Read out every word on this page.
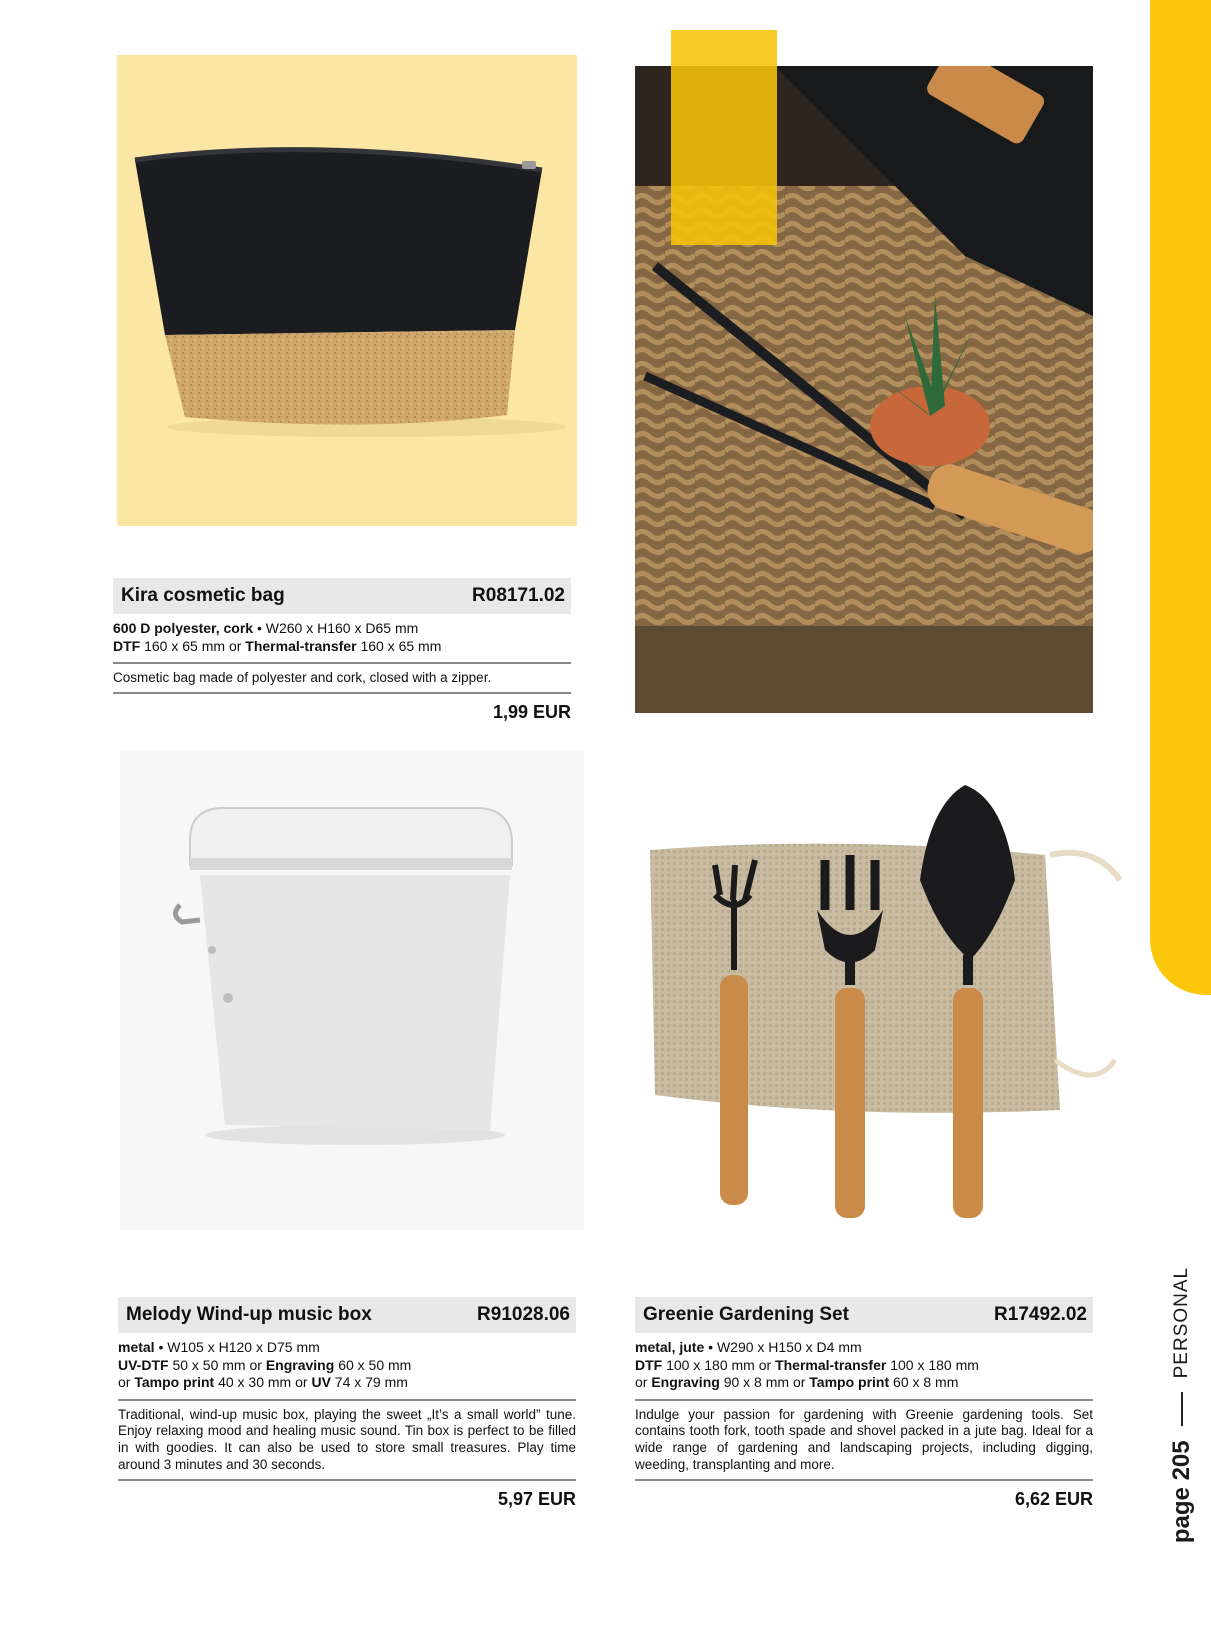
page 205
PERSONAL
Kira cosmetic bag	R08171.02
600 D polyester, cork • W260 x H160 x D65 mm
DTF 160 x 65 mm or Thermal-transfer 160 x 65 mm
Cosmetic bag made of polyester and cork, closed with a zipper.
1,99 EUR
Melody Wind-up music box	R91028.06
metal • W105 x H120 x D75 mm
UV-DTF 50 x 50 mm or Engraving 60 x 50 mm
or Tampo print 40 x 30 mm or UV 74 x 79 mm
Traditional, wind-up music box, playing the sweet „It’s a small world” tune. Enjoy relaxing mood and healing music sound. Tin box is perfect to be filled in with goodies. It can also be used to store small treasures. Play time around 3 minutes and 30 seconds.
5,97 EUR
Greenie Gardening Set	R17492.02
metal, jute • W290 x H150 x D4 mm
DTF 100 x 180 mm or Thermal-transfer 100 x 180 mm
or Engraving 90 x 8 mm or Tampo print 60 x 8 mm
Indulge your passion for gardening with Greenie gardening tools. Set contains tooth fork, tooth spade and shovel packed in a jute bag. Ideal for a wide range of gardening and landscaping projects, including digging, weeding, transplanting and more.
6,62 EUR
